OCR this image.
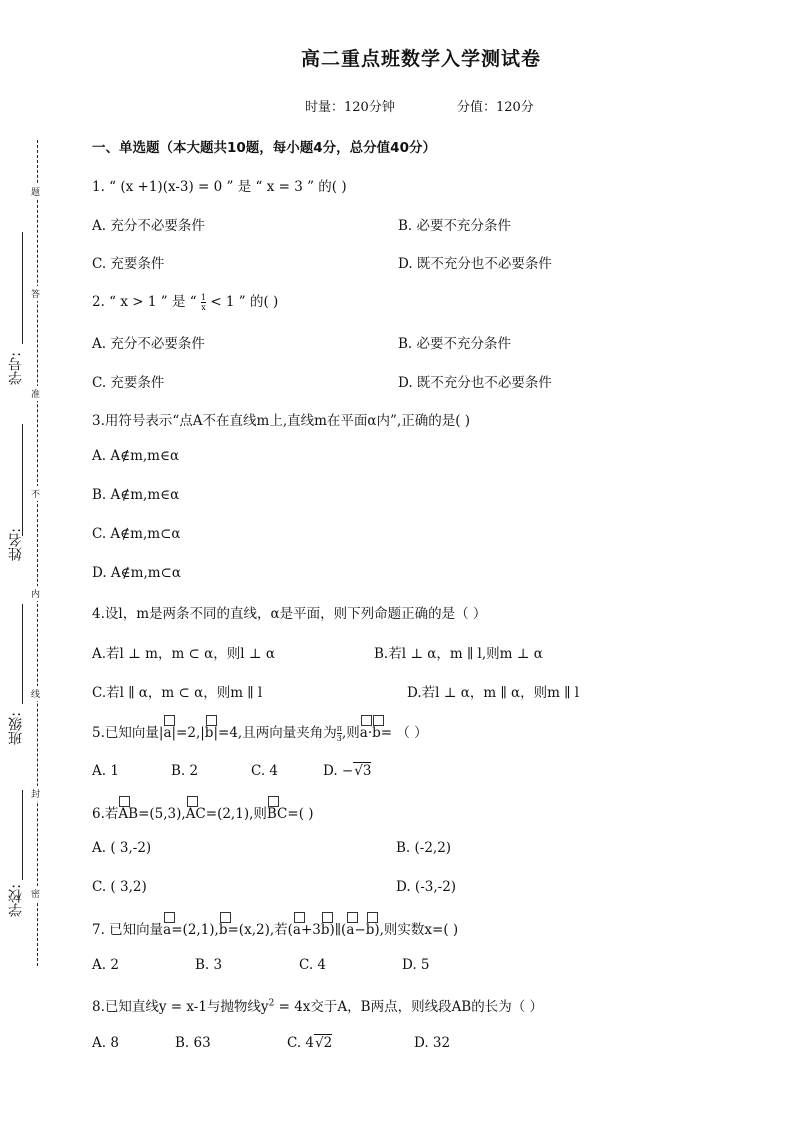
题
答
准
不
内
线
封
密
学号:
姓名:
班级:
学校:
高二重点班数学入学测试卷
时量：120分钟	分值：120分
一、单选题（本大题共10题，每小题4分，总分值40分）
1. “ (x +1)(x-3) = 0 ” 是 “ x = 3 ” 的( )
A. 充分不必要条件	B. 必要不充分条件
C. 充要条件	D. 既不充分也不必要条件
2. “ x > 1 ” 是 “ $\frac{1}{x} < 1$ ” 的( )
A. 充分不必要条件	B. 必要不充分条件
C. 充要条件	D. 既不充分也不必要条件
3.用符号表示“点A不在直线m上,直线m在平面α内”,正确的是( )
A. A∉m,m∈α
B. A∉m,m∈α
C. A∉m,m⊂α
D. A∉m,m⊂α
4.设l，m是两条不同的直线，α是平面，则下列命题正确的是（ ）
A.若l ⊥ m，m ⊂ α，则l ⊥ α	B.若l ⊥ α，m ∥ l,则m ⊥ α
C.若l ∥ α，m ⊂ α，则m ∥ l	D.若l ⊥ α，m ∥ α，则m ∥ l
5.已知向量|a|=2,|b|=4,且两向量夹角为 $\frac{\pi}{3}$ ,则a·b= （ ）
A. 1	B. 2	C. 4	D. −√3
6.若AB=(5,3),AC=(2,1),则BC=( )
A. ( 3,-2)	B. (-2,2)
C. ( 3,2)	D. (-3,-2)
7. 已知向量a=(2,1),b=(x,2),若(a+3b)∥(a−b),则实数x=( )
A. 2	B. 3	C. 4	D. 5
8.已知直线y = x-1与抛物线$y^2 = 4x$交于A，B两点，则线段AB的长为（ ）
A. 8	B. 63	C. 4√2	D. 32
